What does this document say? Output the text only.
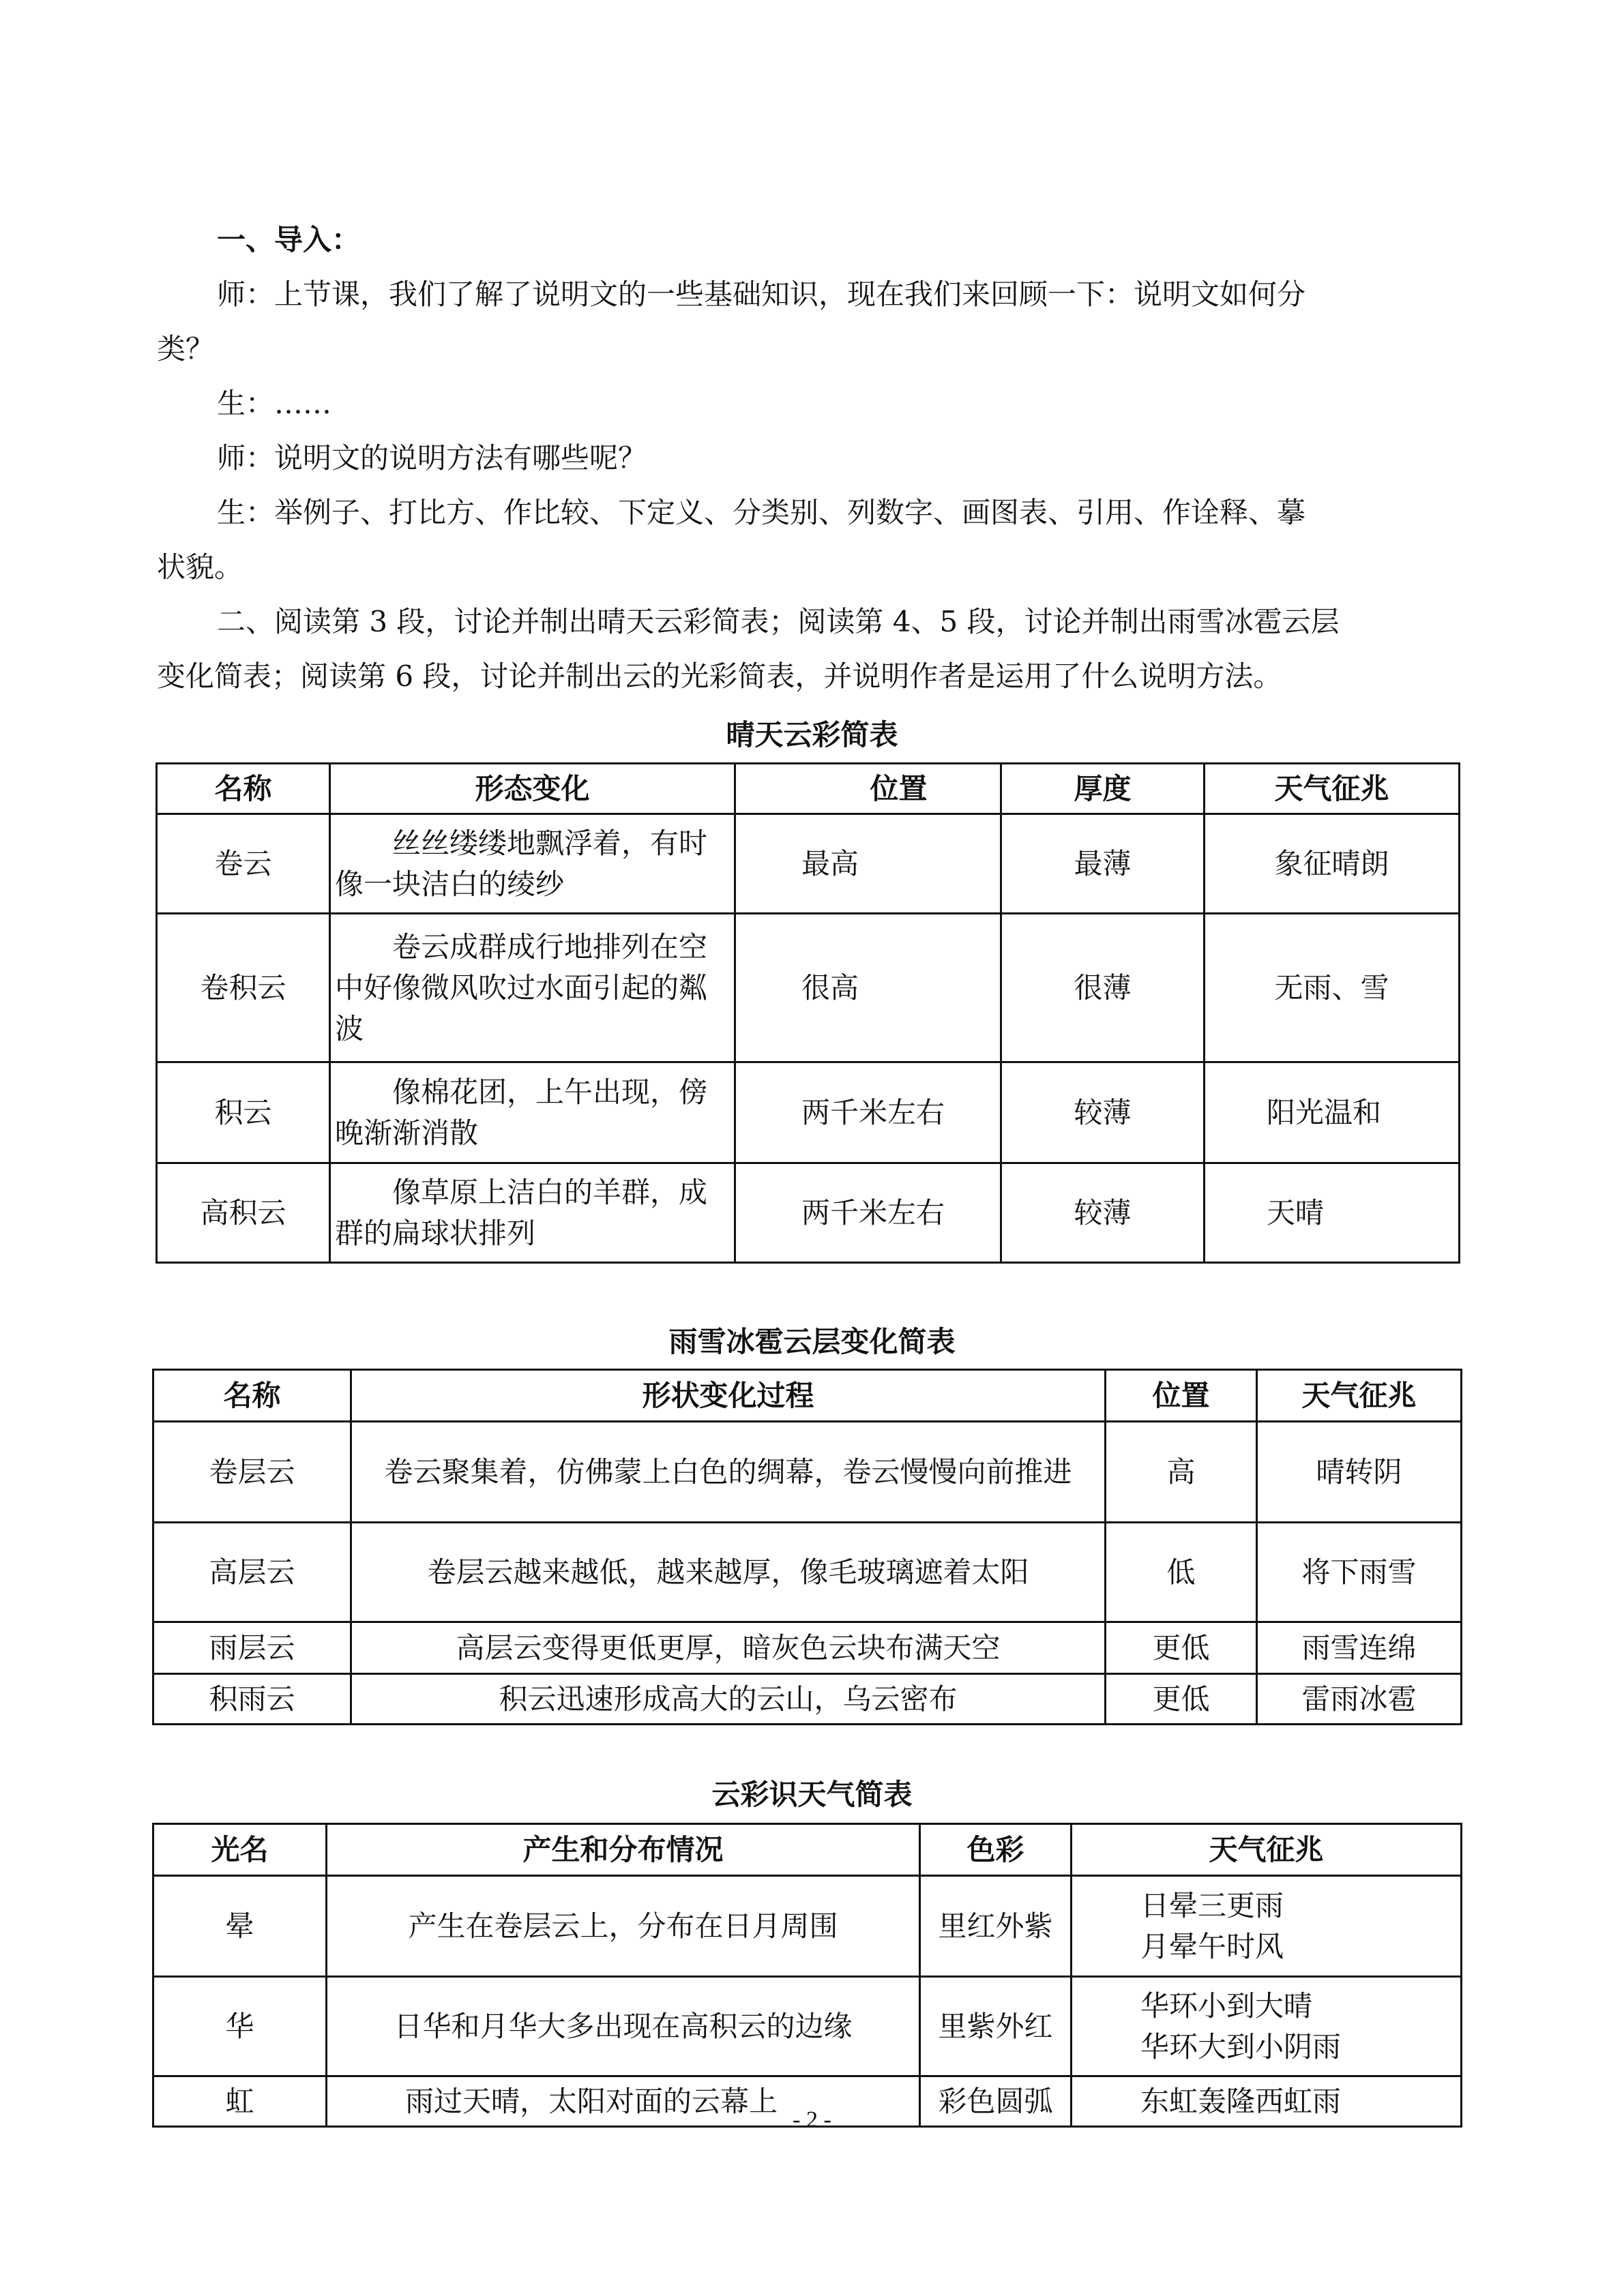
一、导入：
师：上节课，我们了解了说明文的一些基础知识，现在我们来回顾一下：说明文如何分
类？
生：……
师：说明文的说明方法有哪些呢？
生：举例子、打比方、作比较、下定义、分类别、列数字、画图表、引用、作诠释、摹
状貌。
二、阅读第 3 段，讨论并制出晴天云彩简表；阅读第 4、5 段，讨论并制出雨雪冰雹云层
变化简表；阅读第 6 段，讨论并制出云的光彩简表，并说明作者是运用了什么说明方法。
晴天云彩简表
名称	形态变化	位置	厚度	天气征兆
卷云	丝丝缕缕地飘浮着，有时像一块洁白的绫纱	最高	最薄	象征晴朗
卷积云	卷云成群成行地排列在空中好像微风吹过水面引起的粼波	很高	很薄	无雨、雪
积云	像棉花团，上午出现，傍晚渐渐消散	两千米左右	较薄	阳光温和
高积云	像草原上洁白的羊群，成群的扁球状排列	两千米左右	较薄	天晴
雨雪冰雹云层变化简表
名称	形状变化过程	位置	天气征兆
卷层云	卷云聚集着，仿佛蒙上白色的绸幕，卷云慢慢向前推进	高	晴转阴
高层云	卷层云越来越低，越来越厚，像毛玻璃遮着太阳	低	将下雨雪
雨层云	高层云变得更低更厚，暗灰色云块布满天空	更低	雨雪连绵
积雨云	积云迅速形成高大的云山，乌云密布	更低	雷雨冰雹
云彩识天气简表
光名	产生和分布情况	色彩	天气征兆
晕	产生在卷层云上，分布在日月周围	里红外紫	日晕三更雨
月晕午时风

华	日华和月华大多出现在高积云的边缘	里紫外红	华环小到大晴
华环大到小阴雨

虹	雨过天晴，太阳对面的云幕上	彩色圆弧	东虹轰隆西虹雨
- 2 -
